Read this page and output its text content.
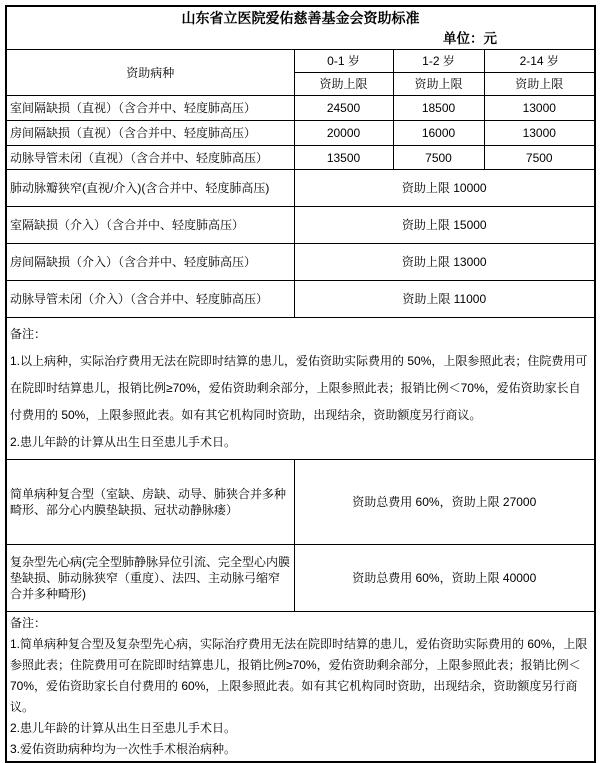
山东省立医院爱佑慈善基金会资助标准
单位：元			

资助病种	0-1 岁	1-2 岁	2-14 岁
	资助上限	资助上限	资助上限
室间隔缺损（直视）（含合并中、轻度肺高压）	24500	18500	13000
房间隔缺损（直视）（含合并中、轻度肺高压）	20000	16000	13000
动脉导管未闭（直视）（含合并中、轻度肺高压）	13500	7500	7500
肺动脉瓣狭窄(直视/介入)(含合并中、轻度肺高压)	资助上限 10000		
室隔缺损（介入）（含合并中、轻度肺高压）	资助上限 15000		
房间隔缺损（介入）（含合并中、轻度肺高压）	资助上限 13000		
动脉导管未闭（介入）（含合并中、轻度肺高压）	资助上限 11000		

备注：
1.以上病种，实际治疗费用无法在院即时结算的患儿，爱佑资助实际费用的 50%，上限参照此表；住院费用可在院即时结算患儿，报销比例≥70%，爱佑资助剩余部分，上限参照此表；报销比例＜70%，爱佑资助家长自付费用的 50%，上限参照此表。如有其它机构同时资助，出现结余，资助额度另行商议。
2.患儿年龄的计算从出生日至患儿手术日。			

简单病种复合型（室缺、房缺、动导、肺狭合并多种畸形、部分心内膜垫缺损、冠状动静脉瘘）	资助总费用 60%，资助上限 27000		
复杂型先心病(完全型肺静脉异位引流、完全型心内膜垫缺损、肺动脉狭窄（重度）、法四、主动脉弓缩窄合并多种畸形)	资助总费用 60%，资助上限 40000		

备注：
1.简单病种复合型及复杂型先心病，实际治疗费用无法在院即时结算的患儿，爱佑资助实际费用的 60%，上限参照此表；住院费用可在院即时结算患儿，报销比例≥70%，爱佑资助剩余部分，上限参照此表；报销比例＜70%，爱佑资助家长自付费用的 60%，上限参照此表。如有其它机构同时资助，出现结余，资助额度另行商议。
2.患儿年龄的计算从出生日至患儿手术日。
3.爱佑资助病种均为一次性手术根治病种。			
